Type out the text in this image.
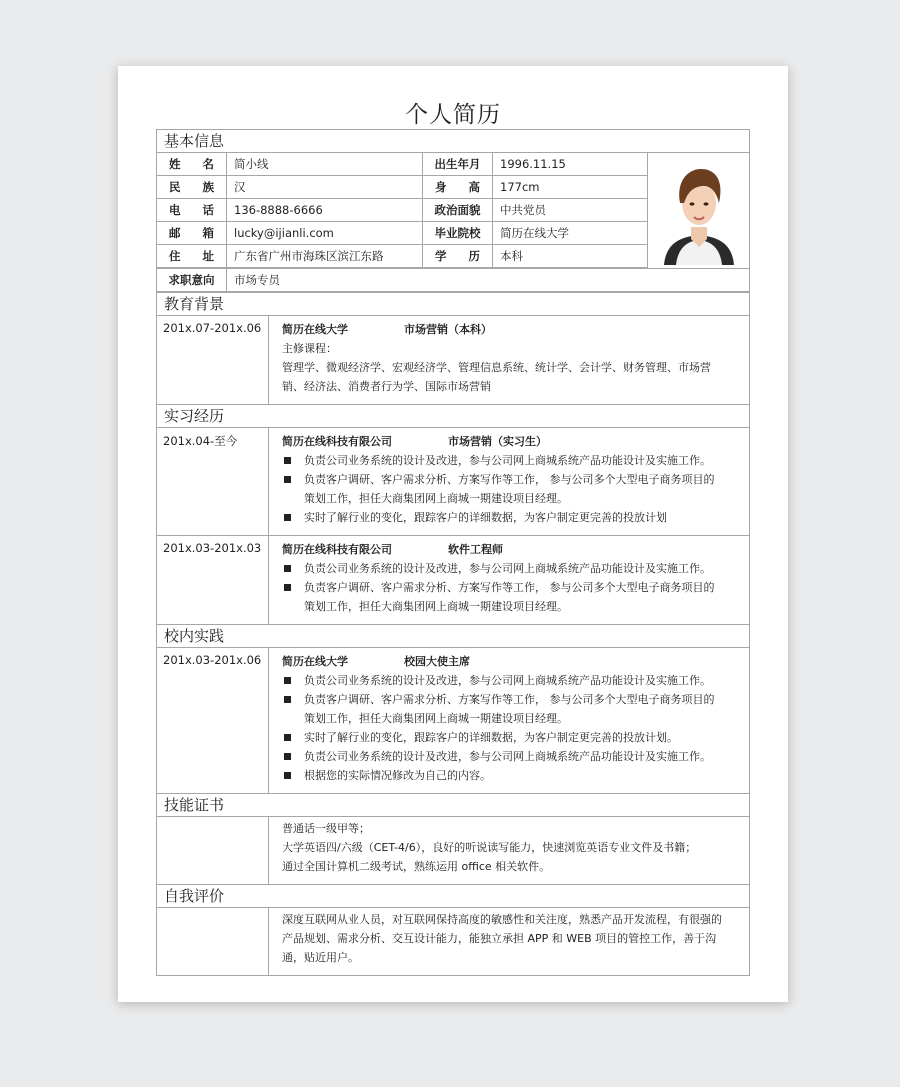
个人简历
基本信息
姓 名	简小线	出生年月	1996.11.15
民 族	汉	身 高	177cm
电 话	136-8888-6666	政治面貌	中共党员
邮 箱	lucky@ijianli.com	毕业院校	简历在线大学
住 址	广东省广州市海珠区滨江东路	学 历	本科
求职意向	市场专员
教育背景
201x.07-201x.06	简历在线大学	市场营销（本科）
主修课程：
管理学、微观经济学、宏观经济学、管理信息系统、统计学、会计学、财务管理、市场营
销、经济法、消费者行为学、国际市场营销
实习经历
201x.04-至今	简历在线科技有限公司	市场营销（实习生）
负责公司业务系统的设计及改进，参与公司网上商城系统产品功能设计及实施工作。
负责客户调研、客户需求分析、方案写作等工作， 参与公司多个大型电子商务项目的
策划工作，担任大商集团网上商城一期建设项目经理。
实时了解行业的变化，跟踪客户的详细数据，为客户制定更完善的投放计划
201x.03-201x.03	简历在线科技有限公司	软件工程师
负责公司业务系统的设计及改进，参与公司网上商城系统产品功能设计及实施工作。
负责客户调研、客户需求分析、方案写作等工作， 参与公司多个大型电子商务项目的
策划工作，担任大商集团网上商城一期建设项目经理。
校内实践
201x.03-201x.06	简历在线大学	校园大使主席
负责公司业务系统的设计及改进，参与公司网上商城系统产品功能设计及实施工作。
负责客户调研、客户需求分析、方案写作等工作， 参与公司多个大型电子商务项目的
策划工作，担任大商集团网上商城一期建设项目经理。
实时了解行业的变化，跟踪客户的详细数据，为客户制定更完善的投放计划。
负责公司业务系统的设计及改进，参与公司网上商城系统产品功能设计及实施工作。
根据您的实际情况修改为自己的内容。
技能证书
普通话一级甲等；
大学英语四/六级（CET-4/6），良好的听说读写能力，快速浏览英语专业文件及书籍；
通过全国计算机二级考试，熟练运用 office 相关软件。
自我评价
深度互联网从业人员，对互联网保持高度的敏感性和关注度，熟悉产品开发流程，有很强的
产品规划、需求分析、交互设计能力，能独立承担 APP 和 WEB 项目的管控工作，善于沟
通，贴近用户。
